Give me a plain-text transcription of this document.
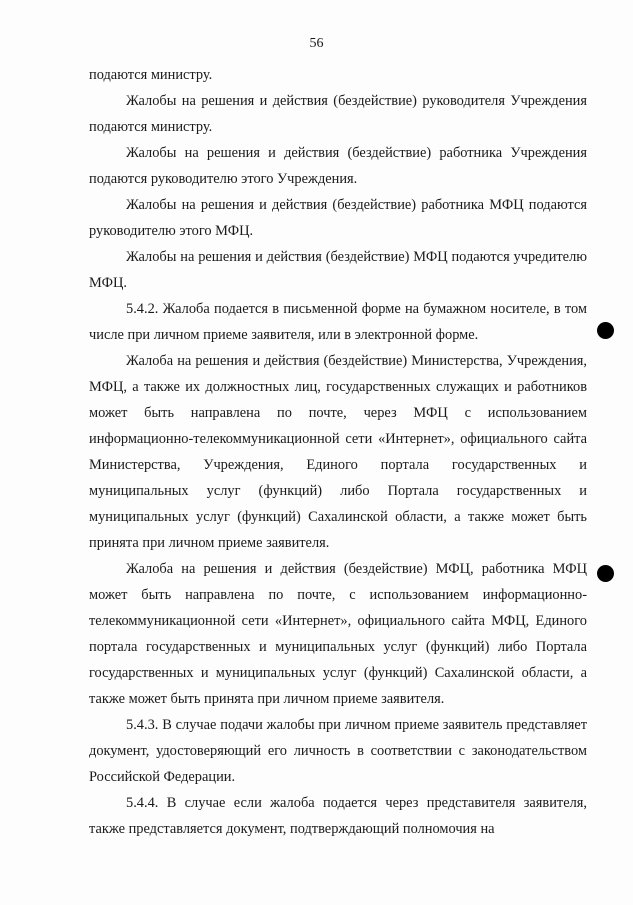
56

подаются министру.

Жалобы на решения и действия (бездействие) руководителя Учреждения подаются министру.

Жалобы на решения и действия (бездействие) работника Учреждения подаются руководителю этого Учреждения.

Жалобы на решения и действия (бездействие) работника МФЦ подаются руководителю этого МФЦ.

Жалобы на решения и действия (бездействие) МФЦ подаются учредителю МФЦ.

5.4.2. Жалоба подается в письменной форме на бумажном носителе, в том числе при личном приеме заявителя, или в электронной форме.

Жалоба на решения и действия (бездействие) Министерства, Учреждения, МФЦ, а также их должностных лиц, государственных служащих и работников может быть направлена по почте, через МФЦ с использованием информационно-телекоммуникационной сети «Интернет», официального сайта Министерства, Учреждения, Единого портала государственных и муниципальных услуг (функций) либо Портала государственных и муниципальных услуг (функций) Сахалинской области, а также может быть принята при личном приеме заявителя.

Жалоба на решения и действия (бездействие) МФЦ, работника МФЦ может быть направлена по почте, с использованием информационно-телекоммуникационной сети «Интернет», официального сайта МФЦ, Единого портала государственных и муниципальных услуг (функций) либо Портала государственных и муниципальных услуг (функций) Сахалинской области, а также может быть принята при личном приеме заявителя.

5.4.3. В случае подачи жалобы при личном приеме заявитель представляет документ, удостоверяющий его личность в соответствии с законодательством Российской Федерации.

5.4.4. В случае если жалоба подается через представителя заявителя, также представляется документ, подтверждающий полномочия на
